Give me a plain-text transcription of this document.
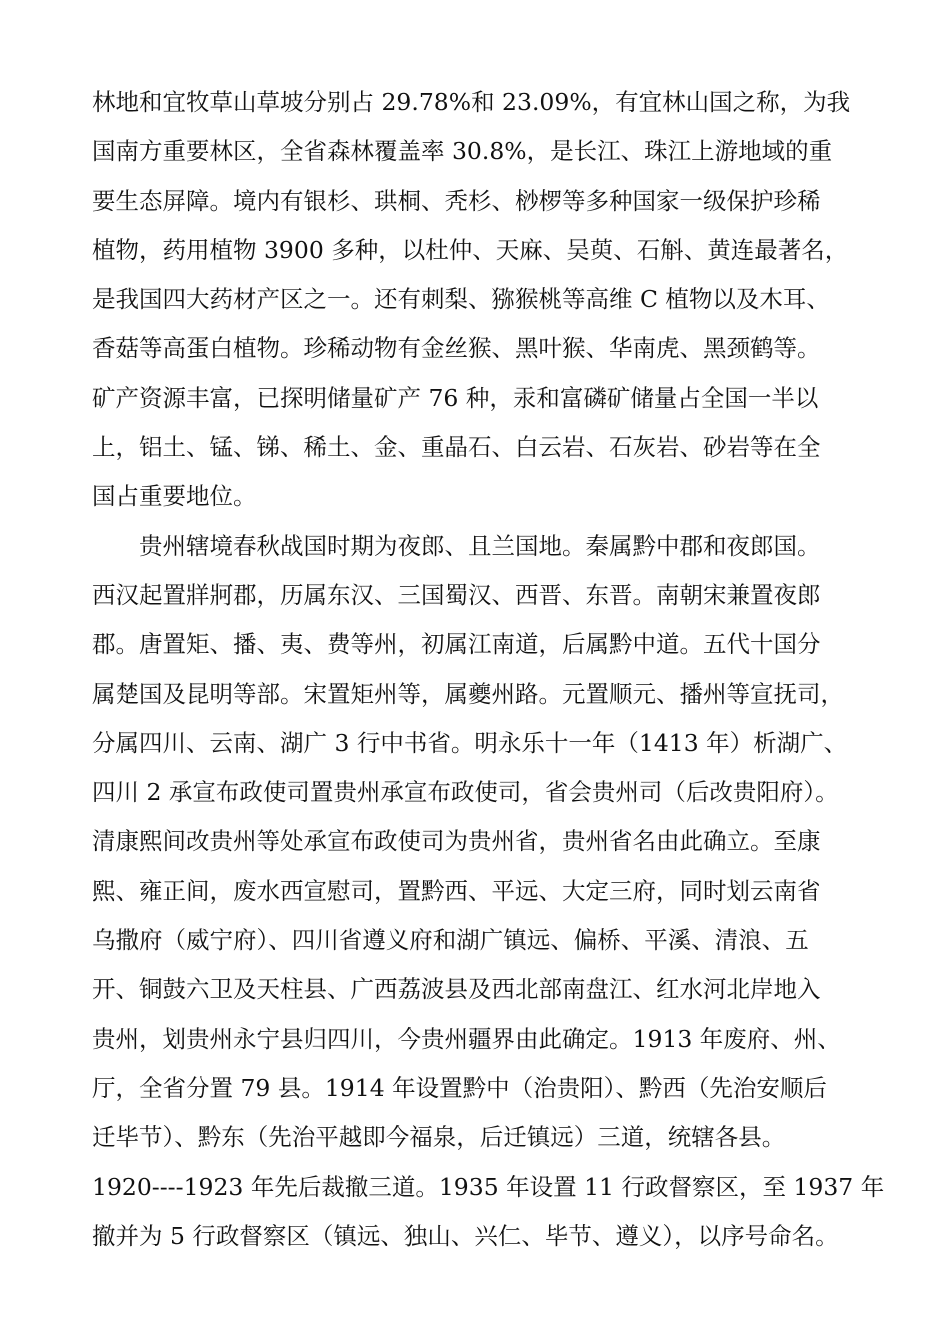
林地和宜牧草山草坡分别占 29.78%和 23.09%，有宜林山国之称，为我
国南方重要林区，全省森林覆盖率 30.8%，是长江、珠江上游地域的重
要生态屏障。境内有银杉、珙桐、秃杉、桫椤等多种国家一级保护珍稀
植物，药用植物 3900 多种，以杜仲、天麻、吴萸、石斛、黄连最著名，
是我国四大药材产区之一。还有刺梨、猕猴桃等高维 C 植物以及木耳、
香菇等高蛋白植物。珍稀动物有金丝猴、黑叶猴、华南虎、黑颈鹤等。
矿产资源丰富，已探明储量矿产 76 种，汞和富磷矿储量占全国一半以
上，铝土、锰、锑、稀土、金、重晶石、白云岩、石灰岩、砂岩等在全
国占重要地位。
　　贵州辖境春秋战国时期为夜郎、且兰国地。秦属黔中郡和夜郎国。
西汉起置牂牁郡，历属东汉、三国蜀汉、西晋、东晋。南朝宋兼置夜郎
郡。唐置矩、播、夷、费等州，初属江南道，后属黔中道。五代十国分
属楚国及昆明等部。宋置矩州等，属夔州路。元置顺元、播州等宣抚司，
分属四川、云南、湖广 3 行中书省。明永乐十一年（1413 年）析湖广、
四川 2 承宣布政使司置贵州承宣布政使司，省会贵州司（后改贵阳府）。
清康熙间改贵州等处承宣布政使司为贵州省，贵州省名由此确立。至康
熙、雍正间，废水西宣慰司，置黔西、平远、大定三府，同时划云南省
乌撒府（威宁府）、四川省遵义府和湖广镇远、偏桥、平溪、清浪、五
开、铜鼓六卫及天柱县、广西荔波县及西北部南盘江、红水河北岸地入
贵州，划贵州永宁县归四川，今贵州疆界由此确定。1913 年废府、州、
厅，全省分置 79 县。1914 年设置黔中（治贵阳）、黔西（先治安顺后
迁毕节）、黔东（先治平越即今福泉，后迁镇远）三道，统辖各县。
1920----1923 年先后裁撤三道。1935 年设置 11 行政督察区，至 1937 年
撤并为 5 行政督察区（镇远、独山、兴仁、毕节、遵义），以序号命名。
